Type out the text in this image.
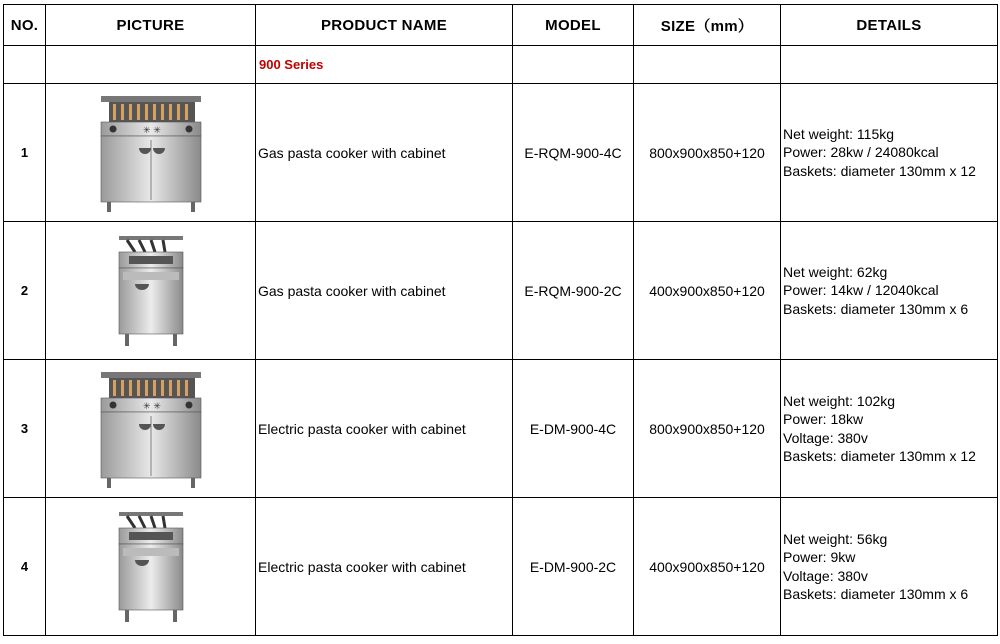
NO.	PICTURE	PRODUCT NAME	MODEL	SIZE（mm）	DETAILS
		900 Series			
1	✳ ✳	Gas pasta cooker with cabinet	E-RQM-900-4C	800x900x850+120	Net weight: 115kg
Power: 28kw / 24080kcal
Baskets: diameter 130mm x 12

2		Gas pasta cooker with cabinet	E-RQM-900-2C	400x900x850+120	Net weight: 62kg
Power: 14kw / 12040kcal
Baskets: diameter 130mm x 6

3	✳ ✳	Electric pasta cooker with cabinet	E-DM-900-4C	800x900x850+120	Net weight: 102kg
Power: 18kw
Voltage: 380v
Baskets: diameter 130mm x 12

4		Electric pasta cooker with cabinet	E-DM-900-2C	400x900x850+120	Net weight: 56kg
Power: 9kw
Voltage: 380v
Baskets: diameter 130mm x 6
